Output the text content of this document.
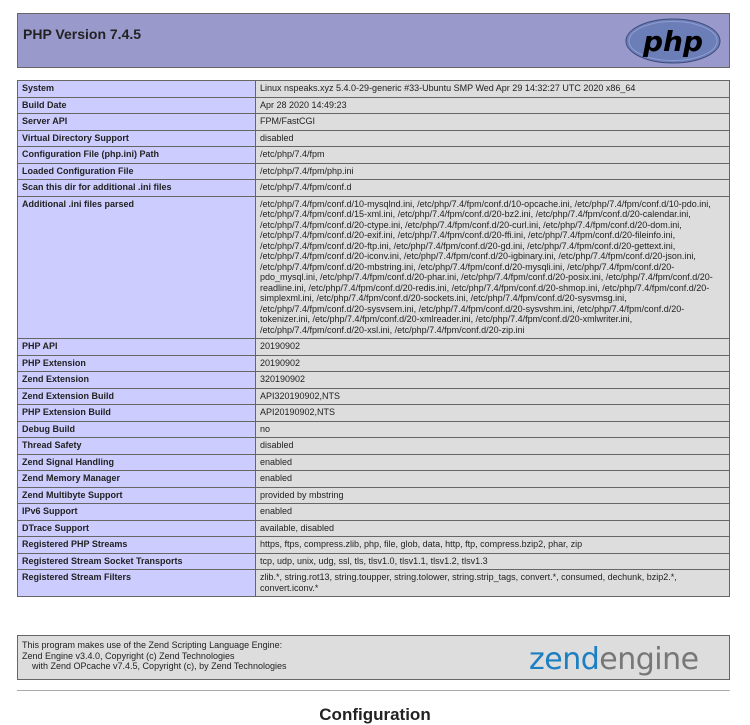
PHP Version 7.4.5	php
System	Linux nspeaks.xyz 5.4.0-29-generic #33-Ubuntu SMP Wed Apr 29 14:32:27 UTC 2020 x86_64
Build Date	Apr 28 2020 14:49:23
Server API	FPM/FastCGI
Virtual Directory Support	disabled
Configuration File (php.ini) Path	/etc/php/7.4/fpm
Loaded Configuration File	/etc/php/7.4/fpm/php.ini
Scan this dir for additional .ini files	/etc/php/7.4/fpm/conf.d
Additional .ini files parsed	/etc/php/7.4/fpm/conf.d/10-mysqlnd.ini, /etc/php/7.4/fpm/conf.d/10-opcache.ini, /etc/php/7.4/fpm/conf.d/10-pdo.ini, /etc/php/7.4/fpm/conf.d/15-xml.ini, /etc/php/7.4/fpm/conf.d/20-bz2.ini, /etc/php/7.4/fpm/conf.d/20-calendar.ini, /etc/php/7.4/fpm/conf.d/20-ctype.ini, /etc/php/7.4/fpm/conf.d/20-curl.ini, /etc/php/7.4/fpm/conf.d/20-dom.ini, /etc/php/7.4/fpm/conf.d/20-exif.ini, /etc/php/7.4/fpm/conf.d/20-ffi.ini, /etc/php/7.4/fpm/conf.d/20-fileinfo.ini, /etc/php/7.4/fpm/conf.d/20-ftp.ini, /etc/php/7.4/fpm/conf.d/20-gd.ini, /etc/php/7.4/fpm/conf.d/20-gettext.ini, /etc/php/7.4/fpm/conf.d/20-iconv.ini, /etc/php/7.4/fpm/conf.d/20-igbinary.ini, /etc/php/7.4/fpm/conf.d/20-json.ini, /etc/php/7.4/fpm/conf.d/20-mbstring.ini, /etc/php/7.4/fpm/conf.d/20-mysqli.ini, /etc/php/7.4/fpm/conf.d/20-pdo_mysql.ini, /etc/php/7.4/fpm/conf.d/20-phar.ini, /etc/php/7.4/fpm/conf.d/20-posix.ini, /etc/php/7.4/fpm/conf.d/20-readline.ini, /etc/php/7.4/fpm/conf.d/20-redis.ini, /etc/php/7.4/fpm/conf.d/20-shmop.ini, /etc/php/7.4/fpm/conf.d/20-simplexml.ini, /etc/php/7.4/fpm/conf.d/20-sockets.ini, /etc/php/7.4/fpm/conf.d/20-sysvmsg.ini, /etc/php/7.4/fpm/conf.d/20-sysvsem.ini, /etc/php/7.4/fpm/conf.d/20-sysvshm.ini, /etc/php/7.4/fpm/conf.d/20-tokenizer.ini, /etc/php/7.4/fpm/conf.d/20-xmlreader.ini, /etc/php/7.4/fpm/conf.d/20-xmlwriter.ini, /etc/php/7.4/fpm/conf.d/20-xsl.ini, /etc/php/7.4/fpm/conf.d/20-zip.ini
PHP API	20190902
PHP Extension	20190902
Zend Extension	320190902
Zend Extension Build	API320190902,NTS
PHP Extension Build	API20190902,NTS
Debug Build	no
Thread Safety	disabled
Zend Signal Handling	enabled
Zend Memory Manager	enabled
Zend Multibyte Support	provided by mbstring
IPv6 Support	enabled
DTrace Support	available, disabled
Registered PHP Streams	https, ftps, compress.zlib, php, file, glob, data, http, ftp, compress.bzip2, phar, zip
Registered Stream Socket Transports	tcp, udp, unix, udg, ssl, tls, tlsv1.0, tlsv1.1, tlsv1.2, tlsv1.3
Registered Stream Filters	zlib.*, string.rot13, string.toupper, string.tolower, string.strip_tags, convert.*, consumed, dechunk, bzip2.*, convert.iconv.*
This program makes use of the Zend Scripting Language Engine:
Zend Engine v3.4.0, Copyright (c) Zend Technologies
with Zend OPcache v7.4.5, Copyright (c), by Zend Technologies	zendengine
Configuration
